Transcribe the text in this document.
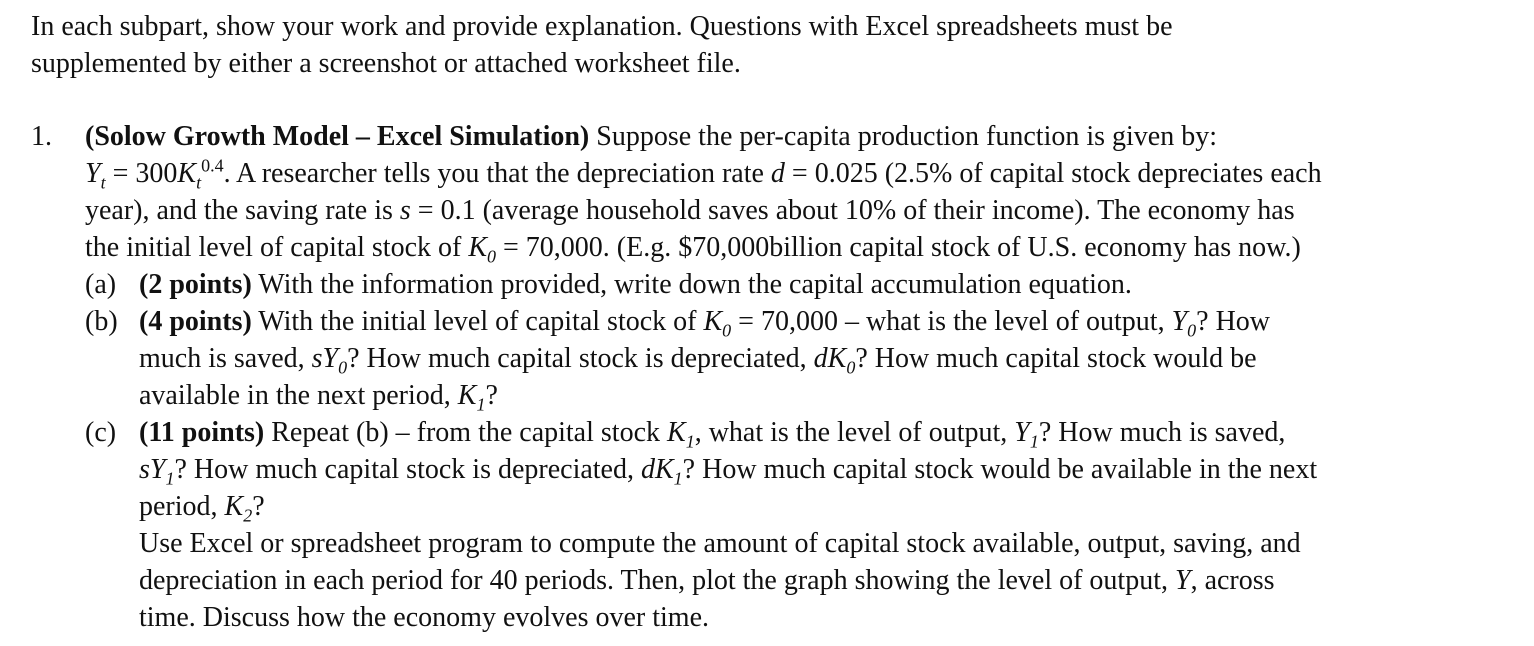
In each subpart, show your work and provide explanation. Questions with Excel spreadsheets must be
supplemented by either a screenshot or attached worksheet file.
1. (Solow Growth Model – Excel Simulation) Suppose the per-capita production function is given by:
$Y_t = 300K_t^{0.4}$. A researcher tells you that the depreciation rate d = 0.025 (2.5% of capital stock depreciates each
year), and the saving rate is s = 0.1 (average household saves about 10% of their income). The economy has
the initial level of capital stock of $K_0 = 70,000$. (E.g. $70,000billion capital stock of U.S. economy has now.)
(a) (2 points) With the information provided, write down the capital accumulation equation.
(b) (4 points) With the initial level of capital stock of $K_0 = 70,000$ – what is the level of output, $Y_0$? How
much is saved, $sY_0$? How much capital stock is depreciated, $dK_0$? How much capital stock would be
available in the next period, $K_1$?
(c) (11 points) Repeat (b) – from the capital stock $K_1$, what is the level of output, $Y_1$? How much is saved,
$sY_1$? How much capital stock is depreciated, $dK_1$? How much capital stock would be available in the next
period, $K_2$?
Use Excel or spreadsheet program to compute the amount of capital stock available, output, saving, and
depreciation in each period for 40 periods. Then, plot the graph showing the level of output, Y, across
time. Discuss how the economy evolves over time.
